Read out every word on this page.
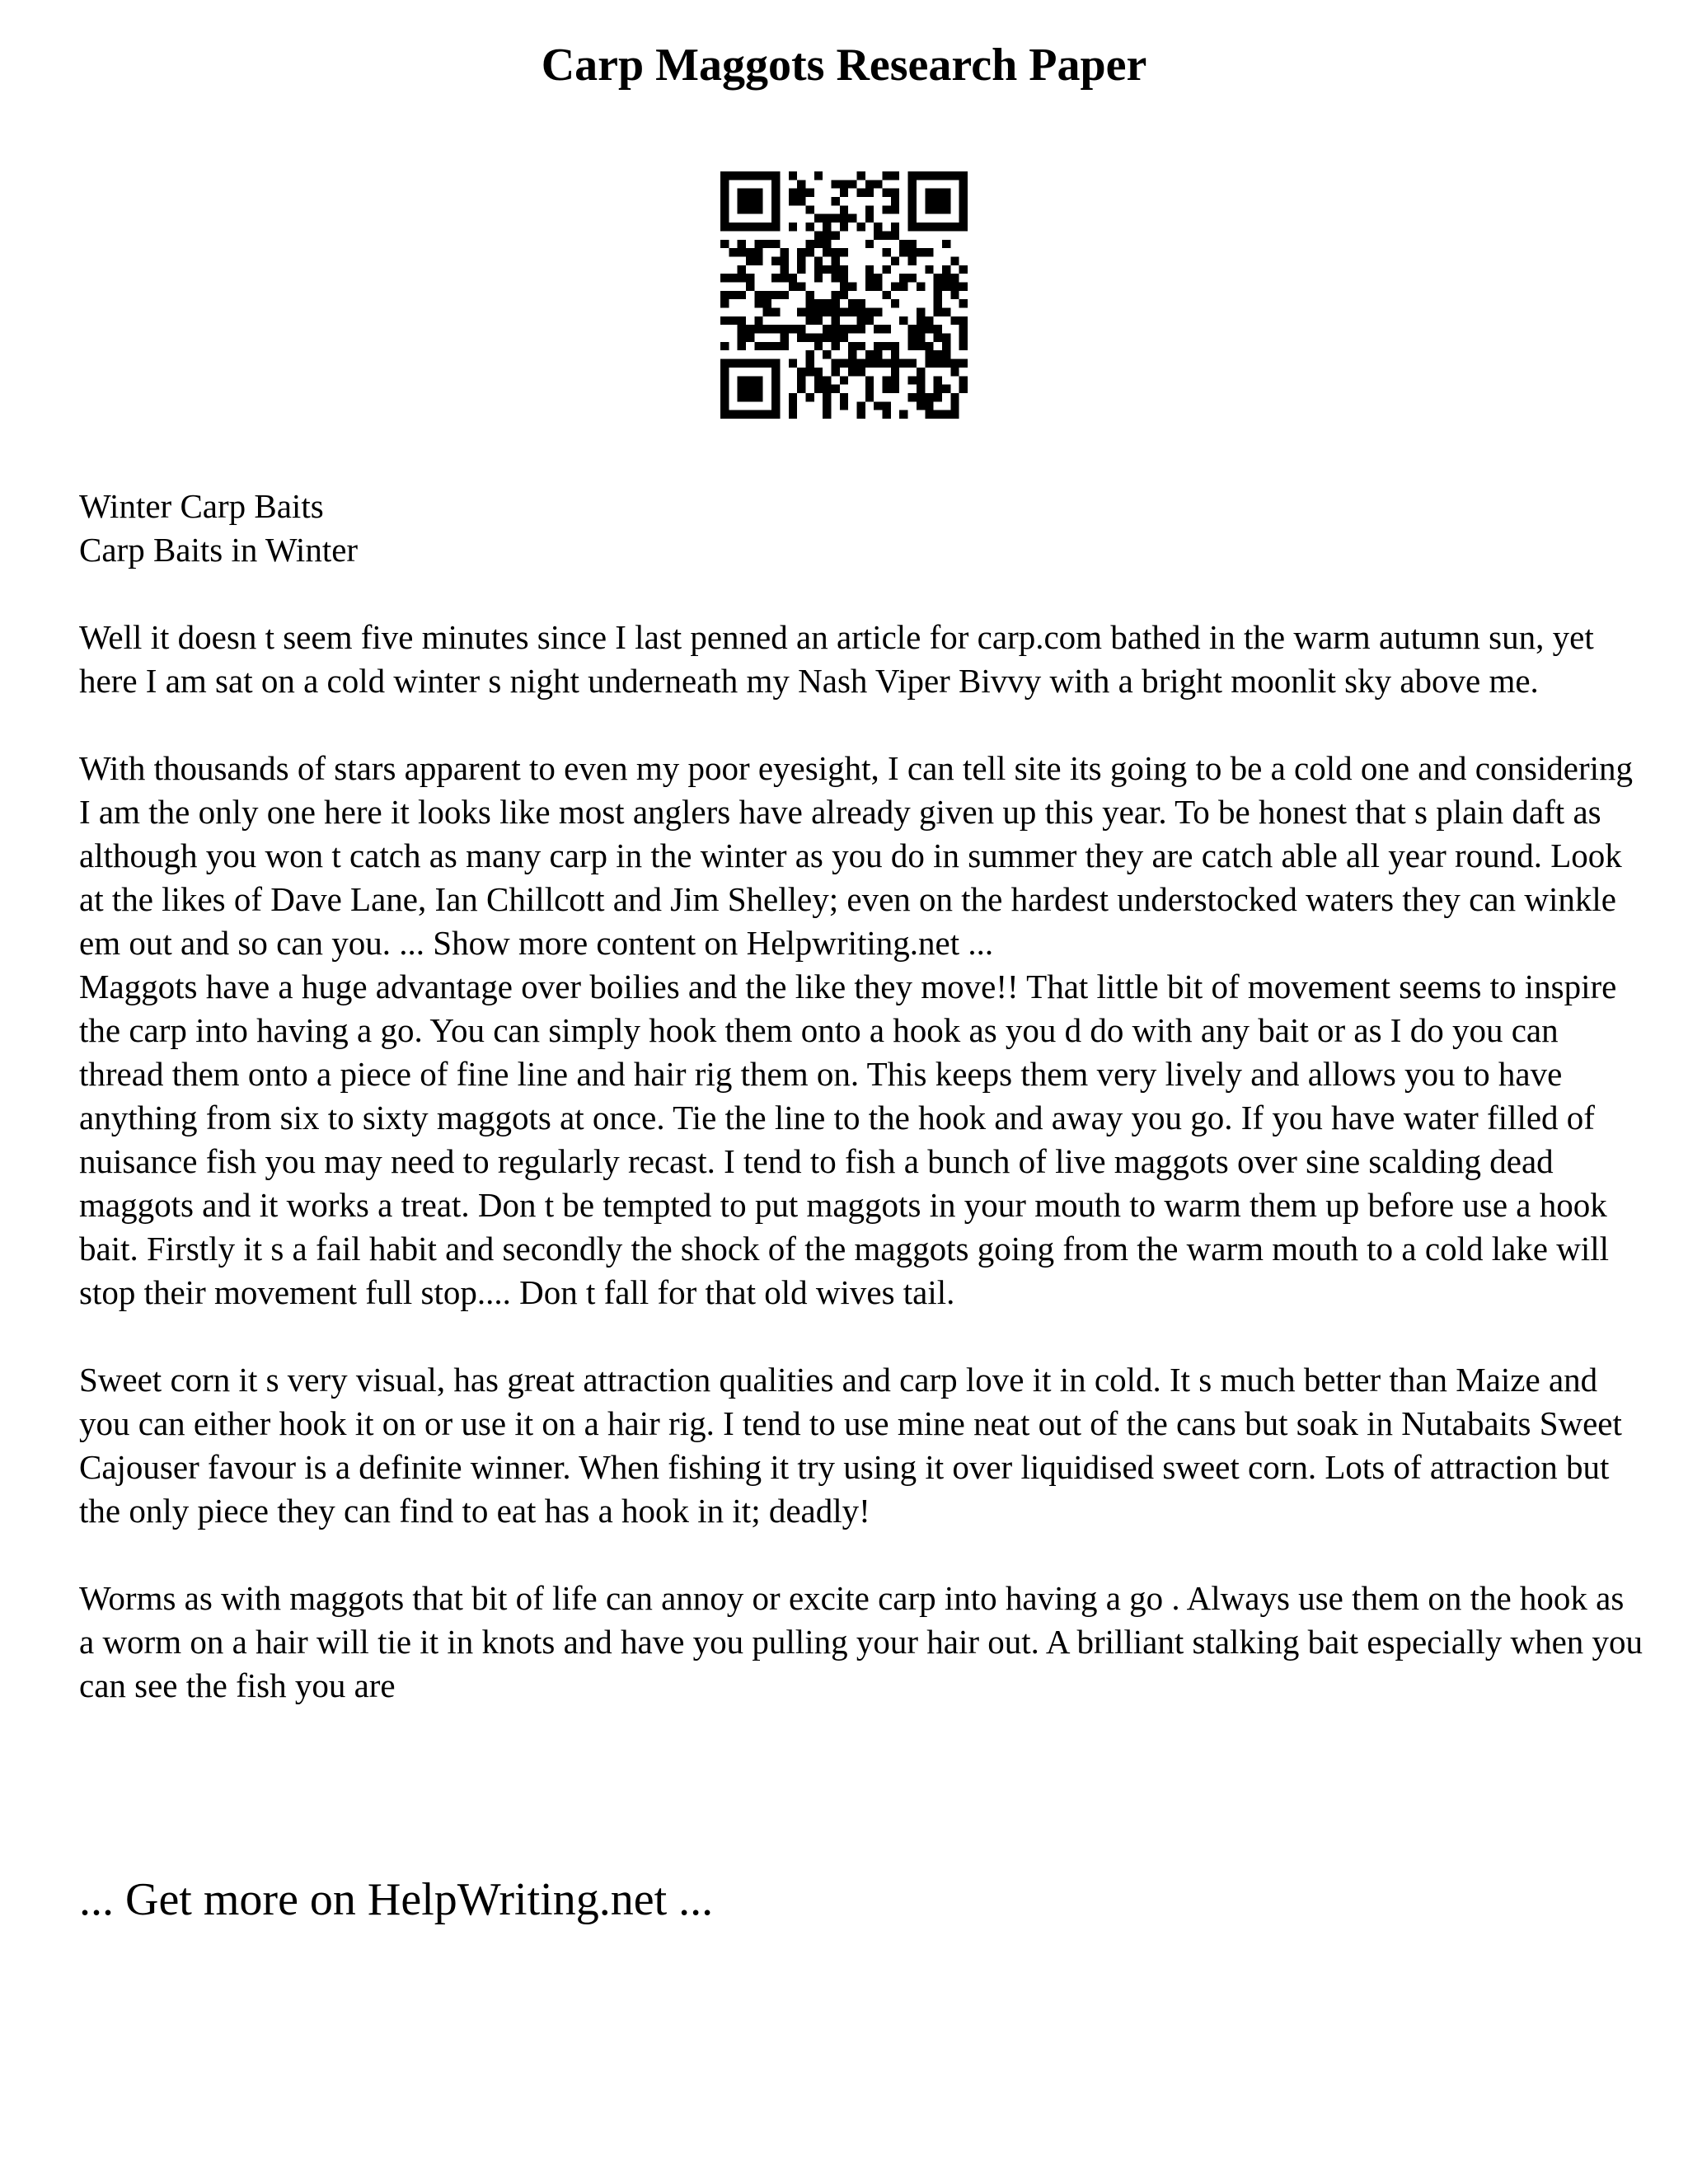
Carp Maggots Research Paper

Winter Carp Baits

Carp Baits in Winter

Well it doesn t seem five minutes since I last penned an article for carp.com bathed in the warm autumn sun, yet here I am sat on a cold winter s night underneath my Nash Viper Bivvy with a bright moonlit sky above me.

With thousands of stars apparent to even my poor eyesight, I can tell site its going to be a cold one and considering I am the only one here it looks like most anglers have already given up this year. To be honest that s plain daft as although you won t catch as many carp in the winter as you do in summer they are catch able all year round. Look at the likes of Dave Lane, Ian Chillcott and Jim Shelley; even on the hardest understocked waters they can winkle em out and so can you. ... Show more content on Helpwriting.net ...

Maggots have a huge advantage over boilies and the like they move!! That little bit of movement seems to inspire the carp into having a go. You can simply hook them onto a hook as you d do with any bait or as I do you can thread them onto a piece of fine line and hair rig them on. This keeps them very lively and allows you to have anything from six to sixty maggots at once. Tie the line to the hook and away you go. If you have water filled of nuisance fish you may need to regularly recast. I tend to fish a bunch of live maggots over sine scalding dead maggots and it works a treat. Don t be tempted to put maggots in your mouth to warm them up before use a hook bait. Firstly it s a fail habit and secondly the shock of the maggots going from the warm mouth to a cold lake will stop their movement full stop.... Don t fall for that old wives tail.

Sweet corn it s very visual, has great attraction qualities and carp love it in cold. It s much better than Maize and you can either hook it on or use it on a hair rig. I tend to use mine neat out of the cans but soak in Nutabaits Sweet Cajouser favour is a definite winner. When fishing it try using it over liquidised sweet corn. Lots of attraction but the only piece they can find to eat has a hook in it; deadly!

Worms as with maggots that bit of life can annoy or excite carp into having a go . Always use them on the hook as a worm on a hair will tie it in knots and have you pulling your hair out. A brilliant stalking bait especially when you can see the fish you are

... Get more on HelpWriting.net ...
